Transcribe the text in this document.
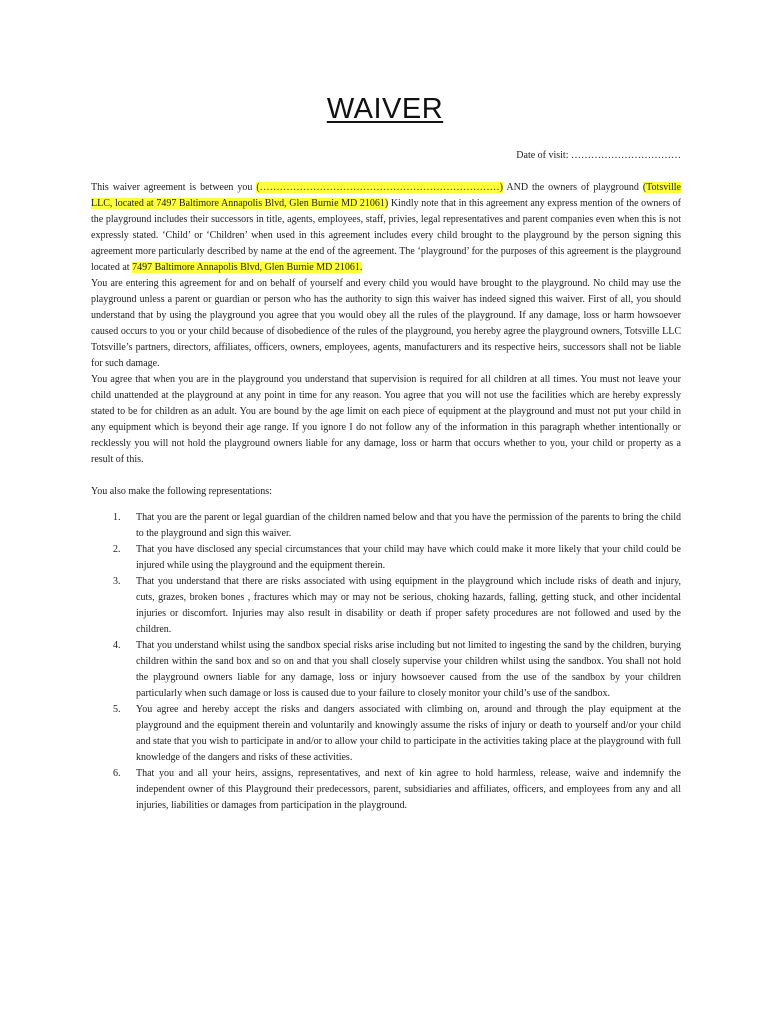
WAIVER
Date of visit: ……………………………

This waiver agreement is between you (………………………………………………………………) AND the owners of playground (Totsville LLC, located at 7497 Baltimore Annapolis Blvd, Glen Burnie MD 21061) Kindly note that in this agreement any express mention of the owners of the playground includes their successors in title, agents, employees, staff, privies, legal representatives and parent companies even when this is not expressly stated. ‘Child’ or ‘Children’ when used in this agreement includes every child brought to the playground by the person signing this agreement more particularly described by name at the end of the agreement. The ‘playground’ for the purposes of this agreement is the playground located at 7497 Baltimore Annapolis Blvd, Glen Burnie MD 21061.

You are entering this agreement for and on behalf of yourself and every child you would have brought to the playground. No child may use the playground unless a parent or guardian or person who has the authority to sign this waiver has indeed signed this waiver. First of all, you should understand that by using the playground you agree that you would obey all the rules of the playground. If any damage, loss or harm howsoever caused occurs to you or your child because of disobedience of the rules of the playground, you hereby agree the playground owners, Totsville LLC Totsville’s partners, directors, affiliates, officers, owners, employees, agents, manufacturers and its respective heirs, successors shall not be liable for such damage.

You agree that when you are in the playground you understand that supervision is required for all children at all times. You must not leave your child unattended at the playground at any point in time for any reason. You agree that you will not use the facilities which are hereby expressly stated to be for children as an adult. You are bound by the age limit on each piece of equipment at the playground and must not put your child in any equipment which is beyond their age range. If you ignore I do not follow any of the information in this paragraph whether intentionally or recklessly you will not hold the playground owners liable for any damage, loss or harm that occurs whether to you, your child or property as a result of this.

You also make the following representations:

1. That you are the parent or legal guardian of the children named below and that you have the permission of the parents to bring the child to the playground and sign this waiver.
2. That you have disclosed any special circumstances that your child may have which could make it more likely that your child could be injured while using the playground and the equipment therein.
3. That you understand that there are risks associated with using equipment in the playground which include risks of death and injury, cuts, grazes, broken bones , fractures which may or may not be serious, choking hazards, falling, getting stuck, and other incidental injuries or discomfort. Injuries may also result in disability or death if proper safety procedures are not followed and used by the children.
4. That you understand whilst using the sandbox special risks arise including but not limited to ingesting the sand by the children, burying children within the sand box and so on and that you shall closely supervise your children whilst using the sandbox. You shall not hold the playground owners liable for any damage, loss or injury howsoever caused from the use of the sandbox by your children particularly when such damage or loss is caused due to your failure to closely monitor your child’s use of the sandbox.
5. You agree and hereby accept the risks and dangers associated with climbing on, around and through the play equipment at the playground and the equipment therein and voluntarily and knowingly assume the risks of injury or death to yourself and/or your child and state that you wish to participate in and/or to allow your child to participate in the activities taking place at the playground with full knowledge of the dangers and risks of these activities.
6. That you and all your heirs, assigns, representatives, and next of kin agree to hold harmless, release, waive and indemnify the independent owner of this Playground their predecessors, parent, subsidiaries and affiliates, officers, and employees from any and all injuries, liabilities or damages from participation in the playground.
